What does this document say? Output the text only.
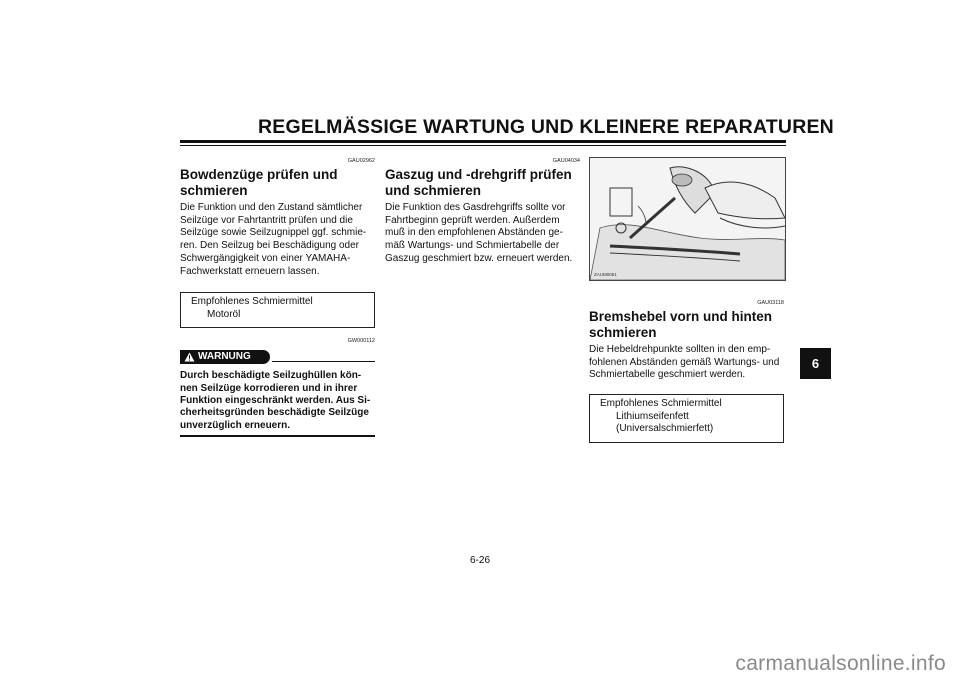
REGELMÄSSIGE WARTUNG UND KLEINERE REPARATUREN
GAU02962
Bowdenzüge prüfen und
schmieren
Die Funktion und den Zustand sämtlicher
Seilzüge vor Fahrtantritt prüfen und die
Seilzüge sowie Seilzugnippel ggf. schmie-
ren. Den Seilzug bei Beschädigung oder
Schwergängigkeit von einer YAMAHA-
Fachwerkstatt erneuern lassen.
Empfohlenes Schmiermittel
Motoröl
GW000112
WARNUNG
Durch beschädigte Seilzughüllen kön-
nen Seilzüge korrodieren und in ihrer
Funktion eingeschränkt werden. Aus Si-
cherheitsgründen beschädigte Seilzüge
unverzüglich erneuern.
GAU04034
Gaszug und -drehgriff prüfen
und schmieren
Die Funktion des Gasdrehgriffs sollte vor
Fahrtbeginn geprüft werden. Außerdem
muß in den empfohlenen Abständen ge-
mäß Wartungs- und Schmiertabelle der
Gaszug geschmiert bzw. erneuert werden.
ZAUM0061
GAU03118
Bremshebel vorn und hinten
schmieren
Die Hebeldrehpunkte sollten in den emp-
fohlenen Abständen gemäß Wartungs- und
Schmiertabelle geschmiert werden.
Empfohlenes Schmiermittel
Lithiumseifenfett
(Universalschmierfett)
6
6-26
carmanualsonline.info
